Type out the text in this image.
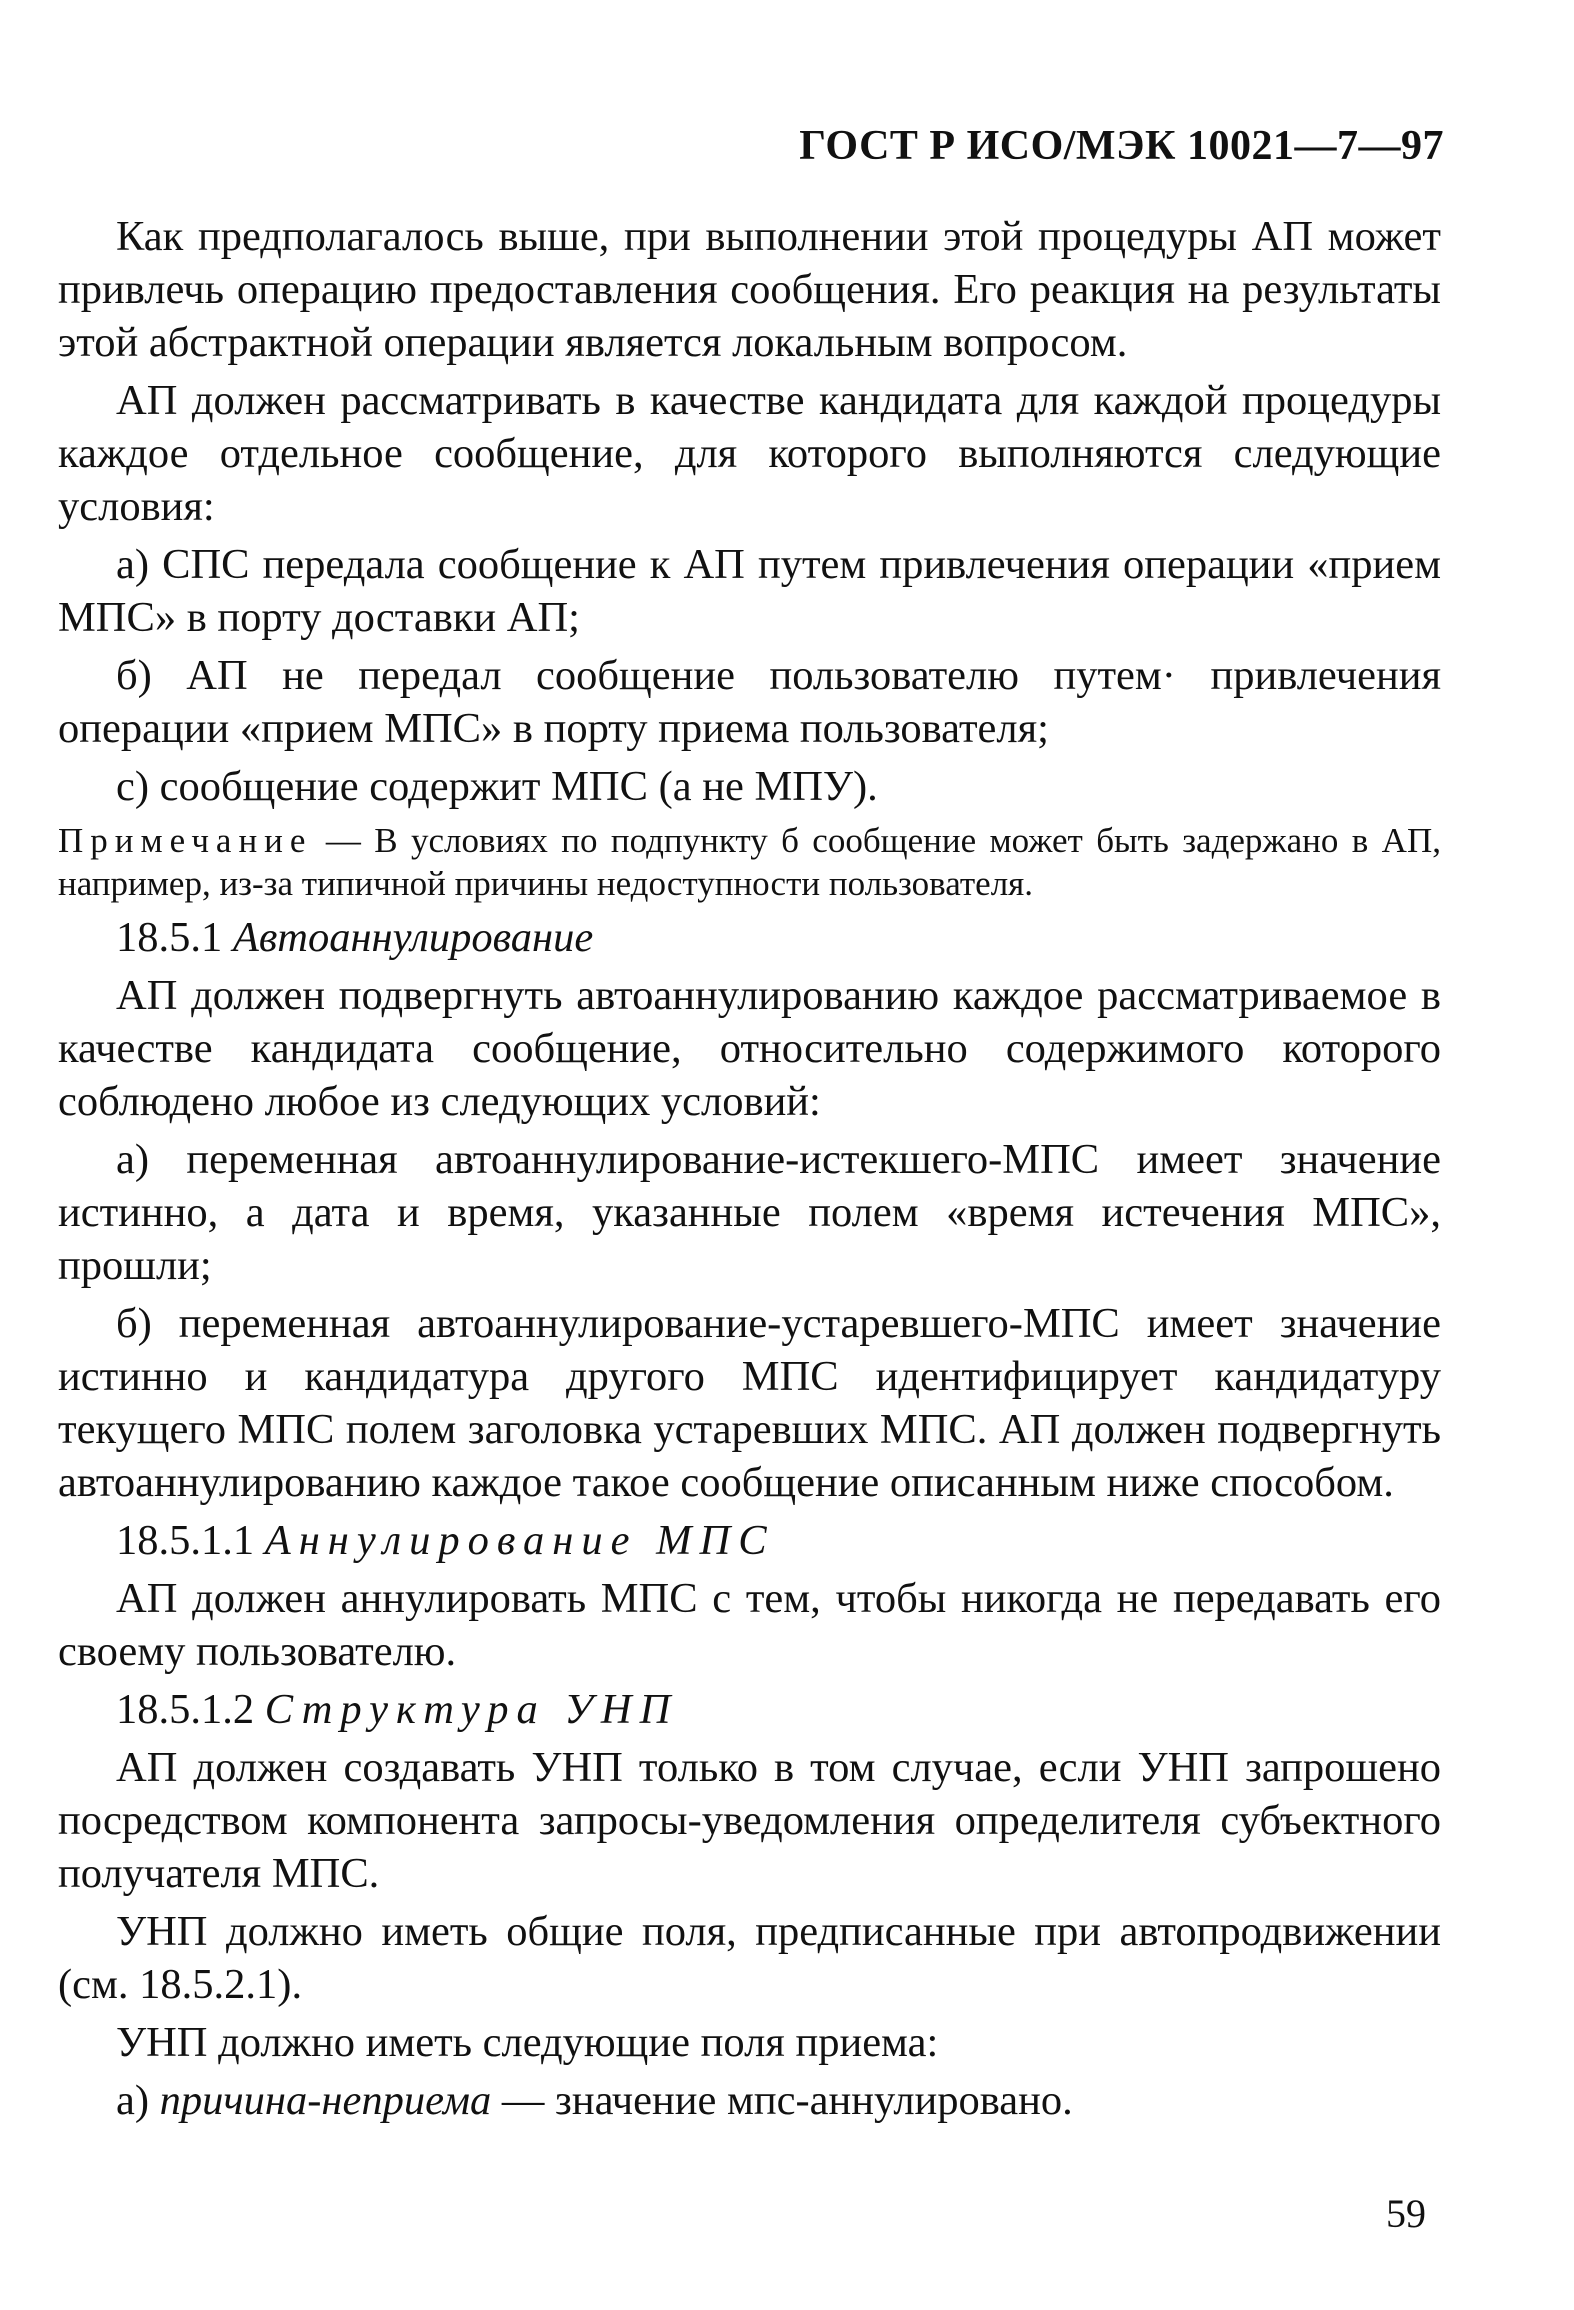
ГОСТ Р ИСО/МЭК 10021—7—97

Как предполагалось выше, при выполнении этой процедуры АП может привлечь операцию предоставления сообщения. Его реакция на результаты этой абстрактной операции является локальным вопросом.

АП должен рассматривать в качестве кандидата для каждой процедуры каждое отдельное сообщение, для которого выполняются следующие условия:

а) СПС передала сообщение к АП путем привлечения операции «прием МПС» в порту доставки АП;

б) АП не передал сообщение пользователю путем· привлечения операции «прием МПС» в порту приема пользователя;

с) сообщение содержит МПС (а не МПУ).

Примечание — В условиях по подпункту б сообщение может быть задержано в АП, например, из-за типичной причины недоступности пользователя.

18.5.1 Автоаннулирование

АП должен подвергнуть автоаннулированию каждое рассматриваемое в качестве кандидата сообщение, относительно содержимого которого соблюдено любое из следующих условий:

а) переменная автоаннулирование-истекшего-МПС имеет значение истинно, а дата и время, указанные полем «время истечения МПС», прошли;

б) переменная автоаннулирование-устаревшего-МПС имеет значение истинно и кандидатура другого МПС идентифицирует кандидатуру текущего МПС полем заголовка устаревших МПС. АП должен подвергнуть автоаннулированию каждое такое сообщение описанным ниже способом.

18.5.1.1 Аннулирование МПС

АП должен аннулировать МПС с тем, чтобы никогда не передавать его своему пользователю.

18.5.1.2 Структура УНП

АП должен создавать УНП только в том случае, если УНП запрошено посредством компонента запросы-уведомления определителя субъектного получателя МПС.

УНП должно иметь общие поля, предписанные при автопродвижении (см. 18.5.2.1).

УНП должно иметь следующие поля приема:

а) причина-неприема — значение мпс-аннулировано.

59
